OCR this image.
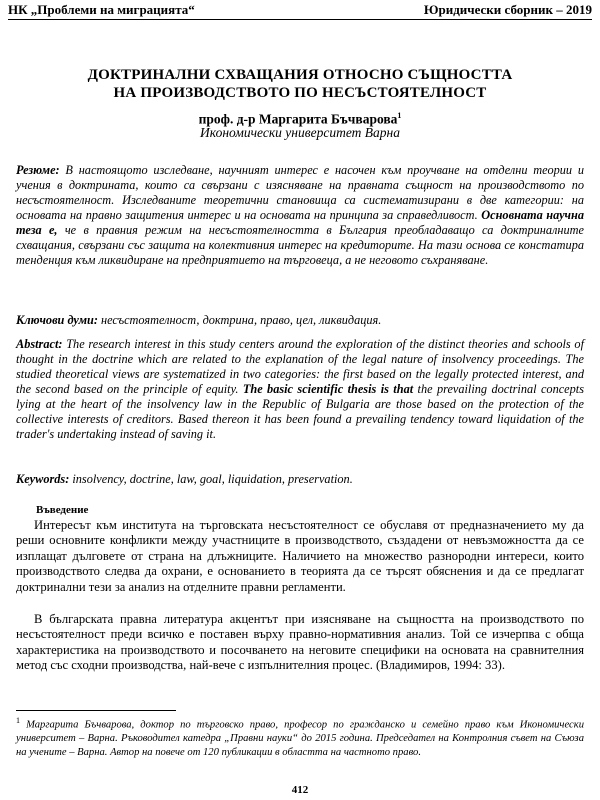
НК „Проблеми на миграцията“	Юридически сборник – 2019
ДОКТРИНАЛНИ СХВАЩАНИЯ ОТНОСНО СЪЩНОСТТА
НА ПРОИЗВОДСТВОТО ПО НЕСЪСТОЯТЕЛНОСТ
проф. д-р Маргарита Бъчварова$^1$
Икономически университет Варна

Резюме: В настоящото изследване, научният интерес е насочен към проучване на отделни теории и учения в доктрината, които са свързани с изясняване на правната същност на производството по несъстоятелност. Изследваните теоретични становища са систематизирани в две категории: на основата на правно защитения интерес и на основата на принципа за справедливост. Основната научна теза е, че в правния режим на несъстоятелността в България преобладаващо са доктриналните схващания, свързани със защита на колективния интерес на кредиторите. На тази основа се констатира тенденция към ликвидиране на предприятието на търговеца, а не неговото съхраняване.

Ключови думи: несъстоятелност, доктрина, право, цел, ликвидация.

Abstract: The research interest in this study centers around the exploration of the distinct theories and schools of thought in the doctrine which are related to the explanation of the legal nature of insolvency proceedings. The studied theoretical views are systematized in two categories: the first based on the legally protected interest, and the second based on the principle of equity. The basic scientific thesis is that the prevailing doctrinal concepts lying at the heart of the insolvency law in the Republic of Bulgaria are those based on the protection of the collective interests of creditors. Based thereon it has been found a prevailing tendency toward liquidation of the trader's undertaking instead of saving it.

Keywords: insolvency, doctrine, law, goal, liquidation, preservation.

Въведение

Интересът към института на търговската несъстоятелност се обуславя от предназначението му да реши основните конфликти между участниците в производството, създадени от невъзможността да се изплащат дълговете от страна на длъжниците. Наличието на множество разнородни интереси, които производството следва да охрани, е основанието в теорията да се търсят обяснения и да се предлагат доктринални тези за анализ на отделните правни регламенти.

В българската правна литература акцентът при изясняване на същността на производството по несъстоятелност преди всичко е поставен върху правно-нормативния анализ. Той се изчерпва с обща характеристика на производството и посочването на неговите специфики на основата на сравнителния метод със сходни производства, най-вече с изпълнителния процес. (Владимиров, 1994: 33).

$^1$ Маргарита Бъчварова, доктор по търговско право, професор по гражданско и семейно право към Икономически университет – Варна. Ръководител катедра „Правни науки“ до 2015 година. Председател на Контролния съвет на Съюза на учените – Варна. Автор на повече от 120 публикации в областта на частното право.

412
